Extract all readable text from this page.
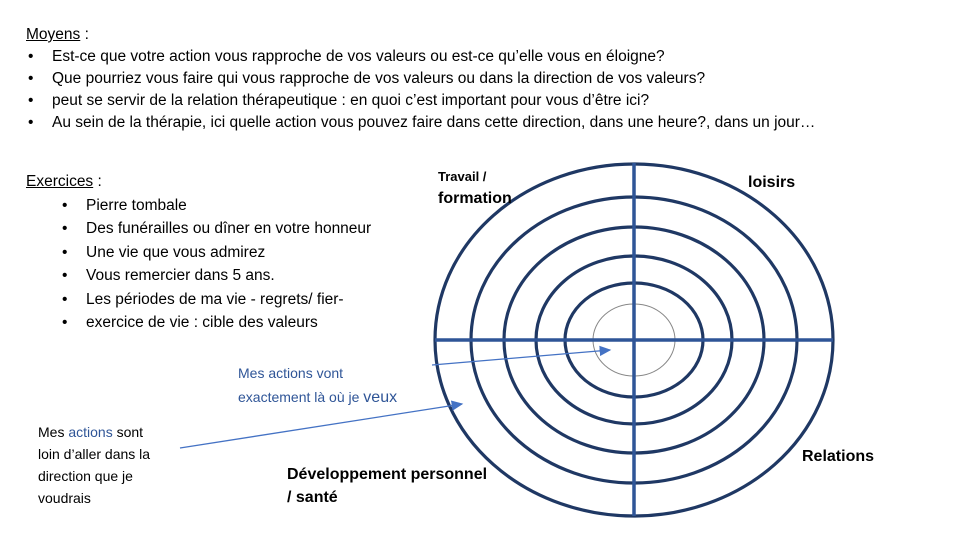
Moyens :
• Est-ce que votre action vous rapproche de vos valeurs ou est-ce qu’elle vous en éloigne?
• Que pourriez vous faire qui vous rapproche de vos valeurs ou dans la direction de vos valeurs?
• peut se servir de la relation thérapeutique : en quoi c’est important pour vous d’être ici?
• Au sein de la thérapie, ici quelle action vous pouvez faire dans cette direction, dans une heure?, dans un jour…
Exercices :
• Pierre tombale
• Des funérailles ou dîner en votre honneur
• Une vie que vous admirez
• Vous remercier dans 5 ans.
• Les périodes de ma vie - regrets/ fier-
• exercice de vie : cible des valeurs
Travail /
formation
loisirs
Relations
Développement personnel
/ santé
Mes actions vont
exactement là où je veux
Mes actions sont
loin d’aller dans la
direction que je
voudrais
